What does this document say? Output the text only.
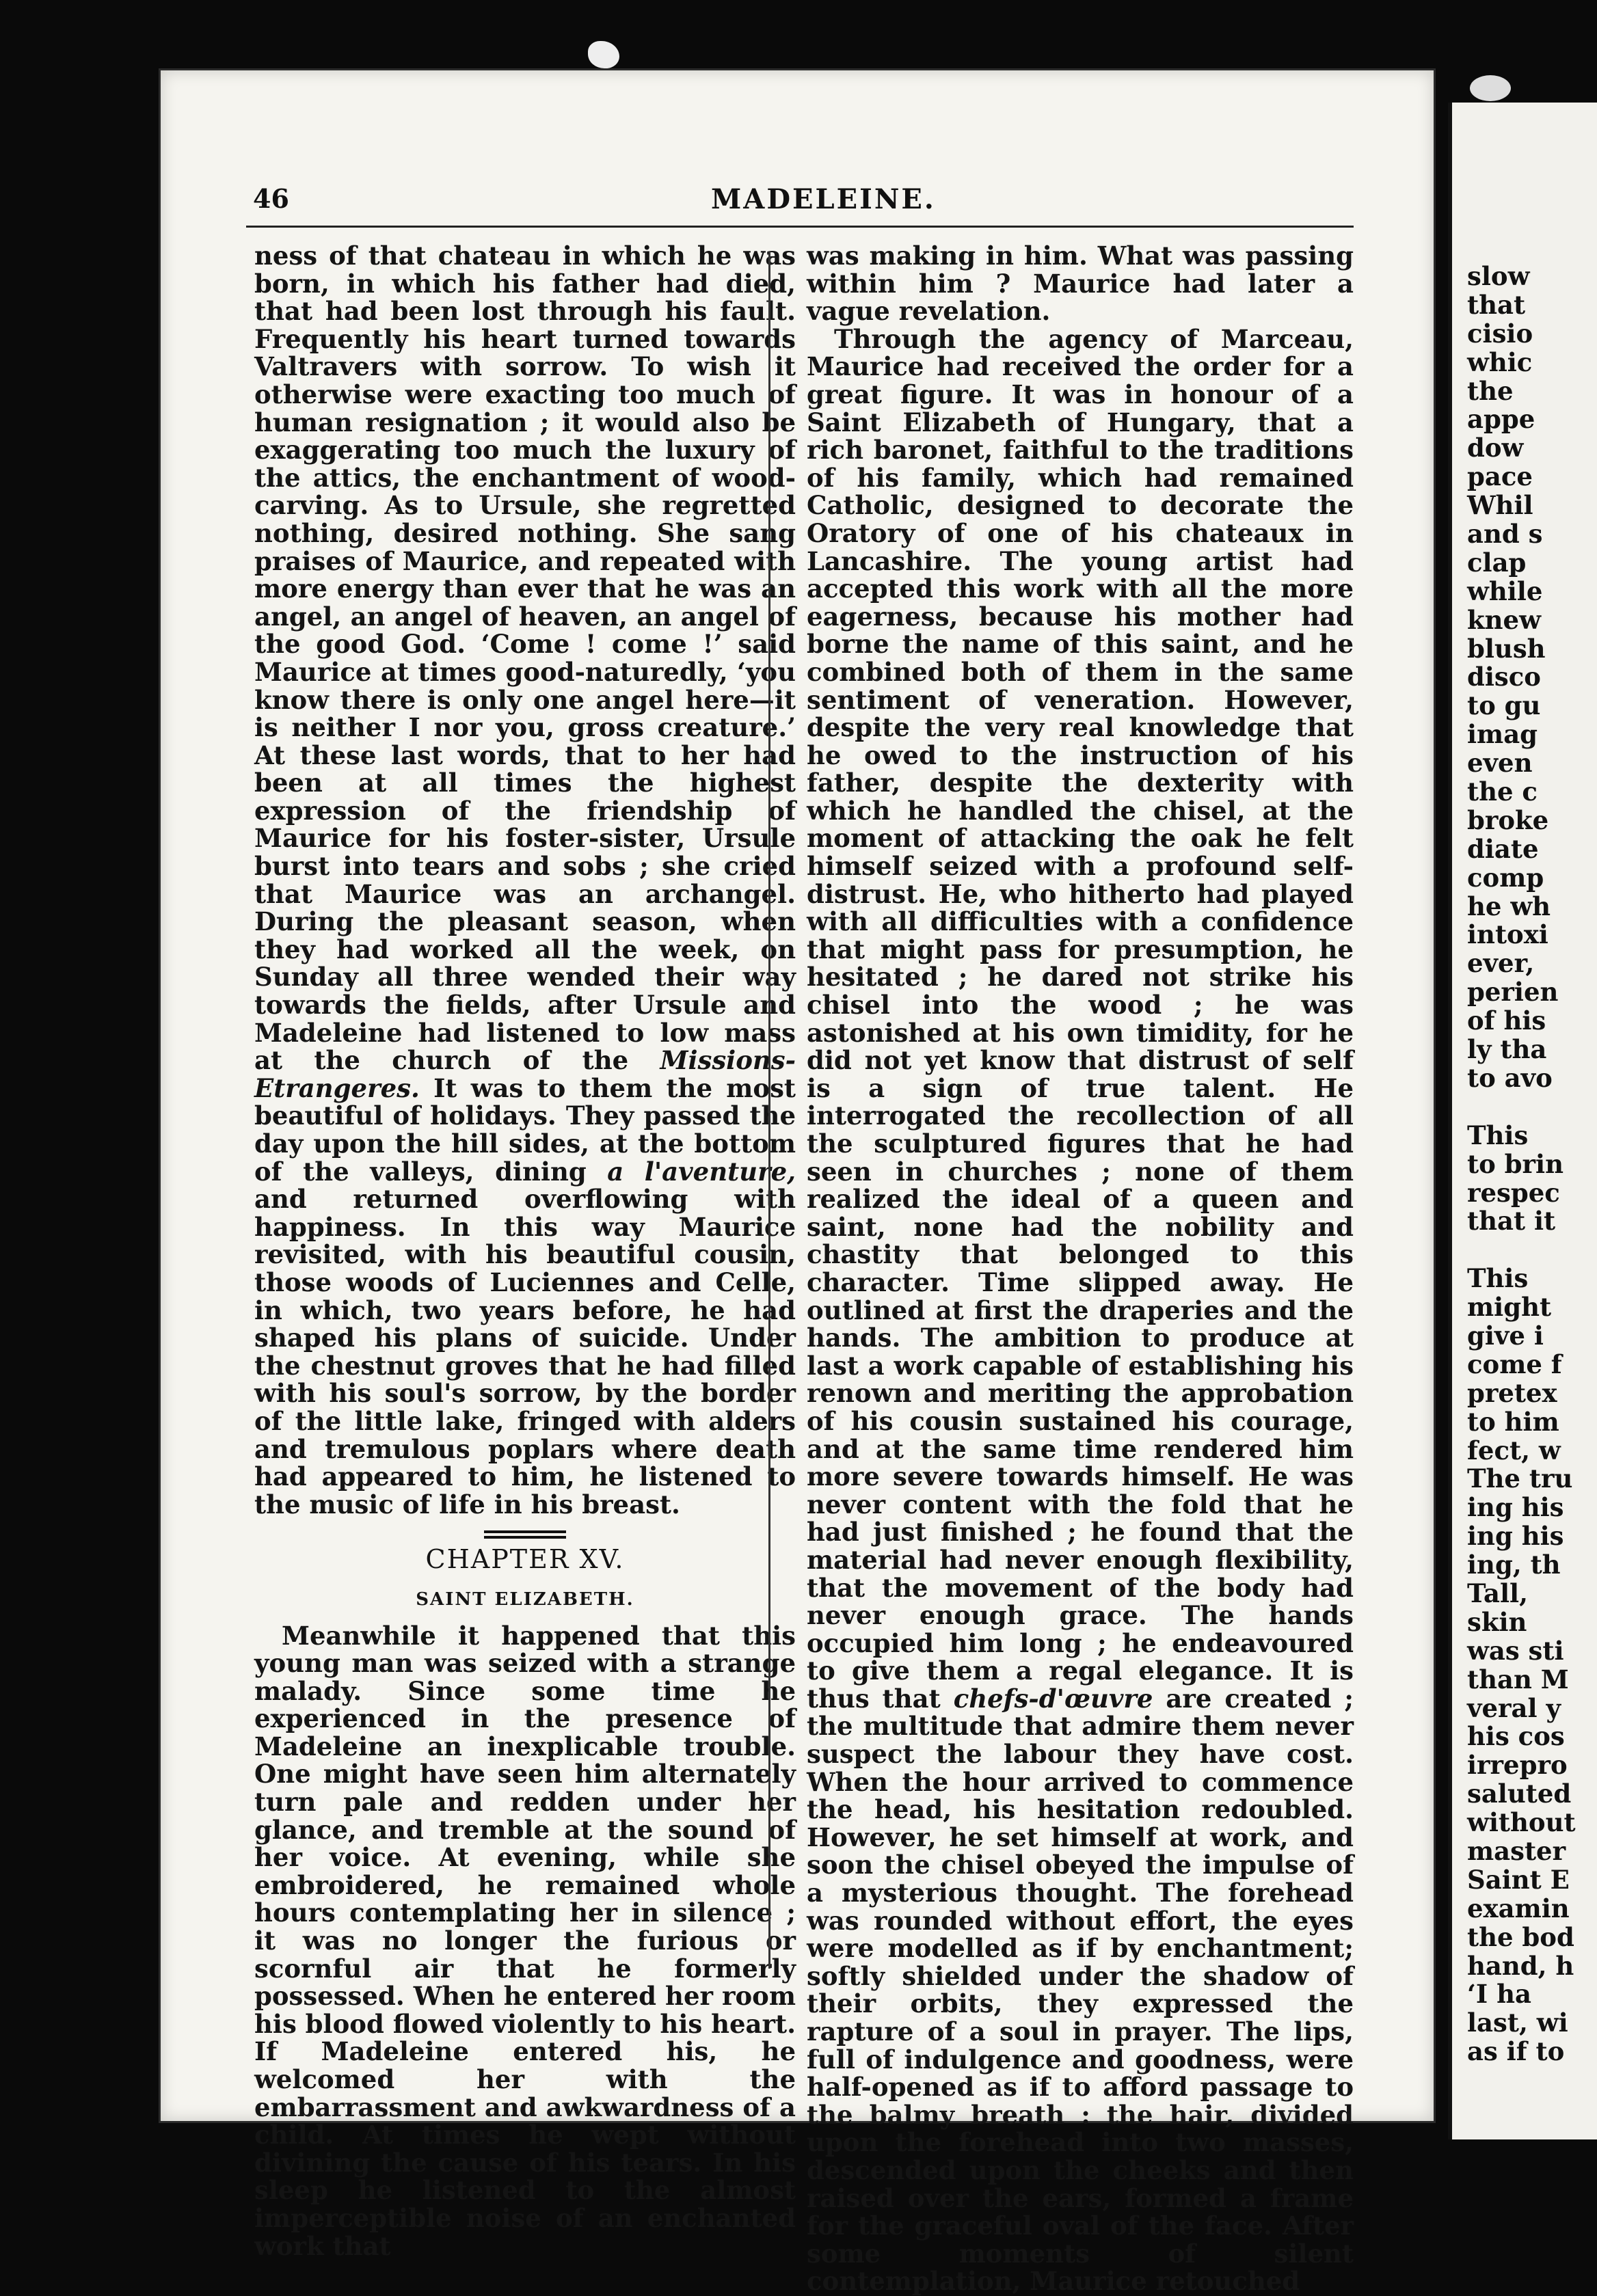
46	MADELEINE.

ness of that chateau in which he was born, in which his father had died, that had been lost through his fault. Frequently his heart turned towards Valtravers with sorrow. To wish it otherwise were exacting too much of human resignation ; it would also be exaggerating too much the luxury of the attics, the enchantment of wood-carving. As to Ursule, she regretted nothing, desired nothing. She sang praises of Maurice, and repeated with more energy than ever that he was an angel, an angel of heaven, an angel of the good God. ‘Come ! come !’ said Maurice at times good-naturedly, ‘you know there is only one angel here—it is neither I nor you, gross creature.’ At these last words, that to her had been at all times the highest expression of the friendship of Maurice for his foster-sister, Ursule burst into tears and sobs ; she cried that Maurice was an archangel. During the pleasant season, when they had worked all the week, on Sunday all three wended their way towards the fields, after Ursule and Madeleine had listened to low mass at the church of the Missions-Etrangeres. It was to them the most beautiful of holidays. They passed the day upon the hill sides, at the bottom of the valleys, dining a l'aventure, and returned overflowing with happiness. In this way Maurice revisited, with his beautiful cousin, those woods of Luciennes and Celle, in which, two years before, he had shaped his plans of suicide. Under the chestnut groves that he had filled with his soul's sorrow, by the border of the little lake, fringed with alders and tremulous poplars where death had appeared to him, he listened to the music of life in his breast.

CHAPTER XV.
SAINT ELIZABETH.

Meanwhile it happened that this young man was seized with a strange malady. Since some time he experienced in the presence of Madeleine an inexplicable trouble. One might have seen him alternately turn pale and redden under her glance, and tremble at the sound of her voice. At evening, while she embroidered, he remained whole hours contemplating her in silence ; it was no longer the furious or scornful air that he formerly possessed. When he entered her room his blood flowed violently to his heart. If Madeleine entered his, he welcomed her with the embarrassment and awkwardness of a child. At times he wept without divining the cause of his tears. In his sleep he listened to the almost imperceptible noise of an enchanted work that

was making in him. What was passing within him ? Maurice had later a vague revelation.

Through the agency of Marceau, Maurice had received the order for a great figure. It was in honour of a Saint Elizabeth of Hungary, that a rich baronet, faithful to the traditions of his family, which had remained Catholic, designed to decorate the Oratory of one of his chateaux in Lancashire. The young artist had accepted this work with all the more eagerness, because his mother had borne the name of this saint, and he combined both of them in the same sentiment of veneration. However, despite the very real knowledge that he owed to the instruction of his father, despite the dexterity with which he handled the chisel, at the moment of attacking the oak he felt himself seized with a profound self-distrust. He, who hitherto had played with all difficulties with a confidence that might pass for presumption, he hesitated ; he dared not strike his chisel into the wood ; he was astonished at his own timidity, for he did not yet know that distrust of self is a sign of true talent. He interrogated the recollection of all the sculptured figures that he had seen in churches ; none of them realized the ideal of a queen and saint, none had the nobility and chastity that belonged to this character. Time slipped away. He outlined at first the draperies and the hands. The ambition to produce at last a work capable of establishing his renown and meriting the approbation of his cousin sustained his courage, and at the same time rendered him more severe towards himself. He was never content with the fold that he had just finished ; he found that the material had never enough flexibility, that the movement of the body had never enough grace. The hands occupied him long ; he endeavoured to give them a regal elegance. It is thus that chefs-d'œuvre are created ; the multitude that admire them never suspect the labour they have cost. When the hour arrived to commence the head, his hesitation redoubled. However, he set himself at work, and soon the chisel obeyed the impulse of a mysterious thought. The forehead was rounded without effort, the eyes were modelled as if by enchantment; softly shielded under the shadow of their orbits, they expressed the rapture of a soul in prayer. The lips, full of indulgence and goodness, were half-opened as if to afford passage to the balmy breath : the hair, divided upon the forehead into two masses, descended upon the cheeks and then raised over the ears, formed a frame for the graceful oval of the face. After some moments of silent contemplation, Maurice retouched

slow
that
cisio
whic
the
appe
dow
pace
Whil
and s
clap
while
knew
blush
disco
to gu
imag
even
the c
broke
diate
comp
he wh
intoxi
ever,
perien
of his
ly tha
to avo
This
to brin
respec
that it
This
might
give i
come f
pretex
to him
fect, w
The tru
ing his
ing his
ing, th
Tall,
skin
was sti
than M
veral y
his cos
irrepro
saluted
without
master
Saint E
examin
the bod
hand, h
‘I ha
last, wi
as if to
